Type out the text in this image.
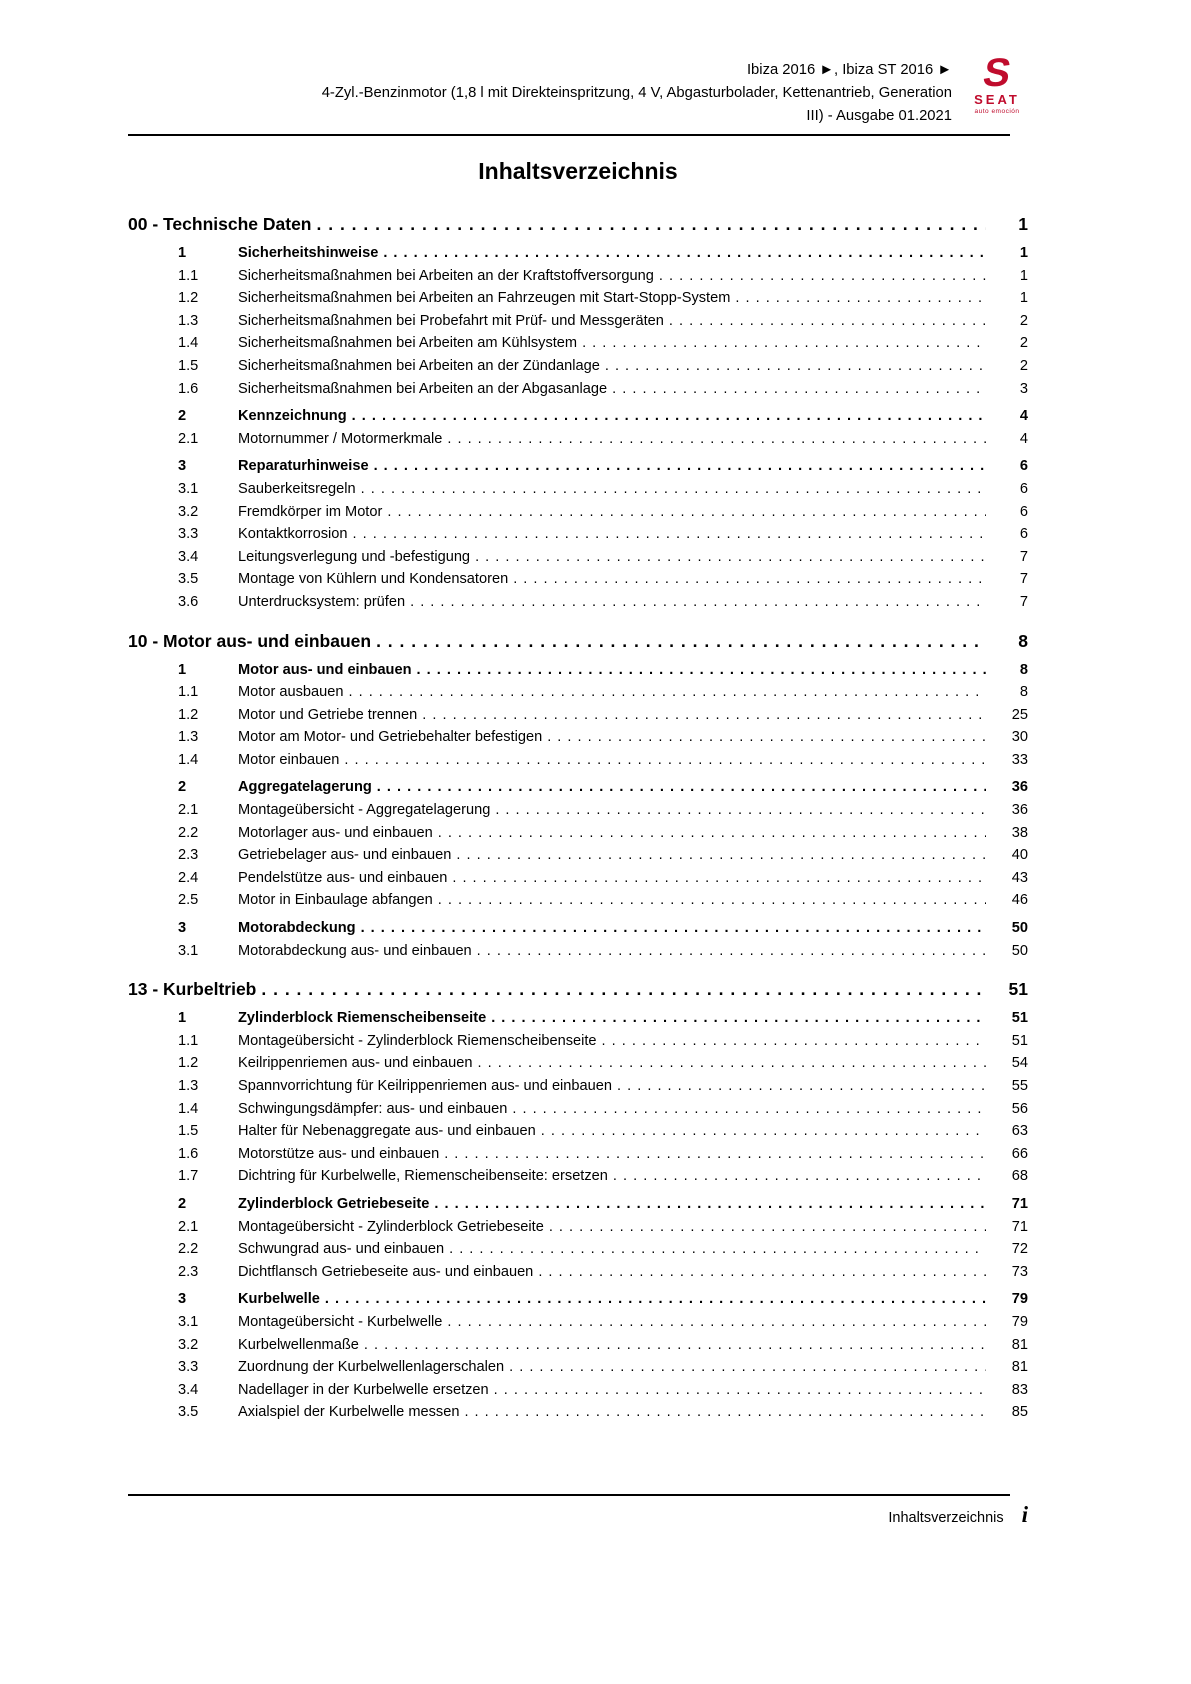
Ibiza 2016 ►, Ibiza ST 2016 ►
4-Zyl.-Benzinmotor (1,8 l mit Direkteinspritzung, 4 V, Abgasturbolader, Kettenantrieb, Generation
III) - Ausgabe 01.2021
S
SEAT
auto emoción
Inhaltsverzeichnis
00 - Technische Daten . . .	1
1	Sicherheitshinweise . . .	1
1.1	Sicherheitsmaßnahmen bei Arbeiten an der Kraftstoffversorgung . . .	1
1.2	Sicherheitsmaßnahmen bei Arbeiten an Fahrzeugen mit Start-Stopp-System . . .	1
1.3	Sicherheitsmaßnahmen bei Probefahrt mit Prüf- und Messgeräten . . .	2
1.4	Sicherheitsmaßnahmen bei Arbeiten am Kühlsystem . . .	2
1.5	Sicherheitsmaßnahmen bei Arbeiten an der Zündanlage . . .	2
1.6	Sicherheitsmaßnahmen bei Arbeiten an der Abgasanlage . . .	3
2	Kennzeichnung . . .	4
2.1	Motornummer / Motormerkmale . . .	4
3	Reparaturhinweise . . .	6
3.1	Sauberkeitsregeln . . .	6
3.2	Fremdkörper im Motor . . .	6
3.3	Kontaktkorrosion . . .	6
3.4	Leitungsverlegung und -befestigung . . .	7
3.5	Montage von Kühlern und Kondensatoren . . .	7
3.6	Unterdrucksystem: prüfen . . .	7
10 - Motor aus- und einbauen . . .	8
1	Motor aus- und einbauen . . .	8
1.1	Motor ausbauen . . .	8
1.2	Motor und Getriebe trennen . . .	25
1.3	Motor am Motor- und Getriebehalter befestigen . . .	30
1.4	Motor einbauen . . .	33
2	Aggregatelagerung . . .	36
2.1	Montageübersicht - Aggregatelagerung . . .	36
2.2	Motorlager aus- und einbauen . . .	38
2.3	Getriebelager aus- und einbauen . . .	40
2.4	Pendelstütze aus- und einbauen . . .	43
2.5	Motor in Einbaulage abfangen . . .	46
3	Motorabdeckung . . .	50
3.1	Motorabdeckung aus- und einbauen . . .	50
13 - Kurbeltrieb . . .	51
1	Zylinderblock Riemenscheibenseite . . .	51
1.1	Montageübersicht - Zylinderblock Riemenscheibenseite . . .	51
1.2	Keilrippenriemen aus- und einbauen . . .	54
1.3	Spannvorrichtung für Keilrippenriemen aus- und einbauen . . .	55
1.4	Schwingungsdämpfer: aus- und einbauen . . .	56
1.5	Halter für Nebenaggregate aus- und einbauen . . .	63
1.6	Motorstütze aus- und einbauen . . .	66
1.7	Dichtring für Kurbelwelle, Riemenscheibenseite: ersetzen . . .	68
2	Zylinderblock Getriebeseite . . .	71
2.1	Montageübersicht - Zylinderblock Getriebeseite . . .	71
2.2	Schwungrad aus- und einbauen . . .	72
2.3	Dichtflansch Getriebeseite aus- und einbauen . . .	73
3	Kurbelwelle . . .	79
3.1	Montageübersicht - Kurbelwelle . . .	79
3.2	Kurbelwellenmaße . . .	81
3.3	Zuordnung der Kurbelwellenlagerschalen . . .	81
3.4	Nadellager in der Kurbelwelle ersetzen . . .	83
3.5	Axialspiel der Kurbelwelle messen . . .	85
Inhaltsverzeichnis i
